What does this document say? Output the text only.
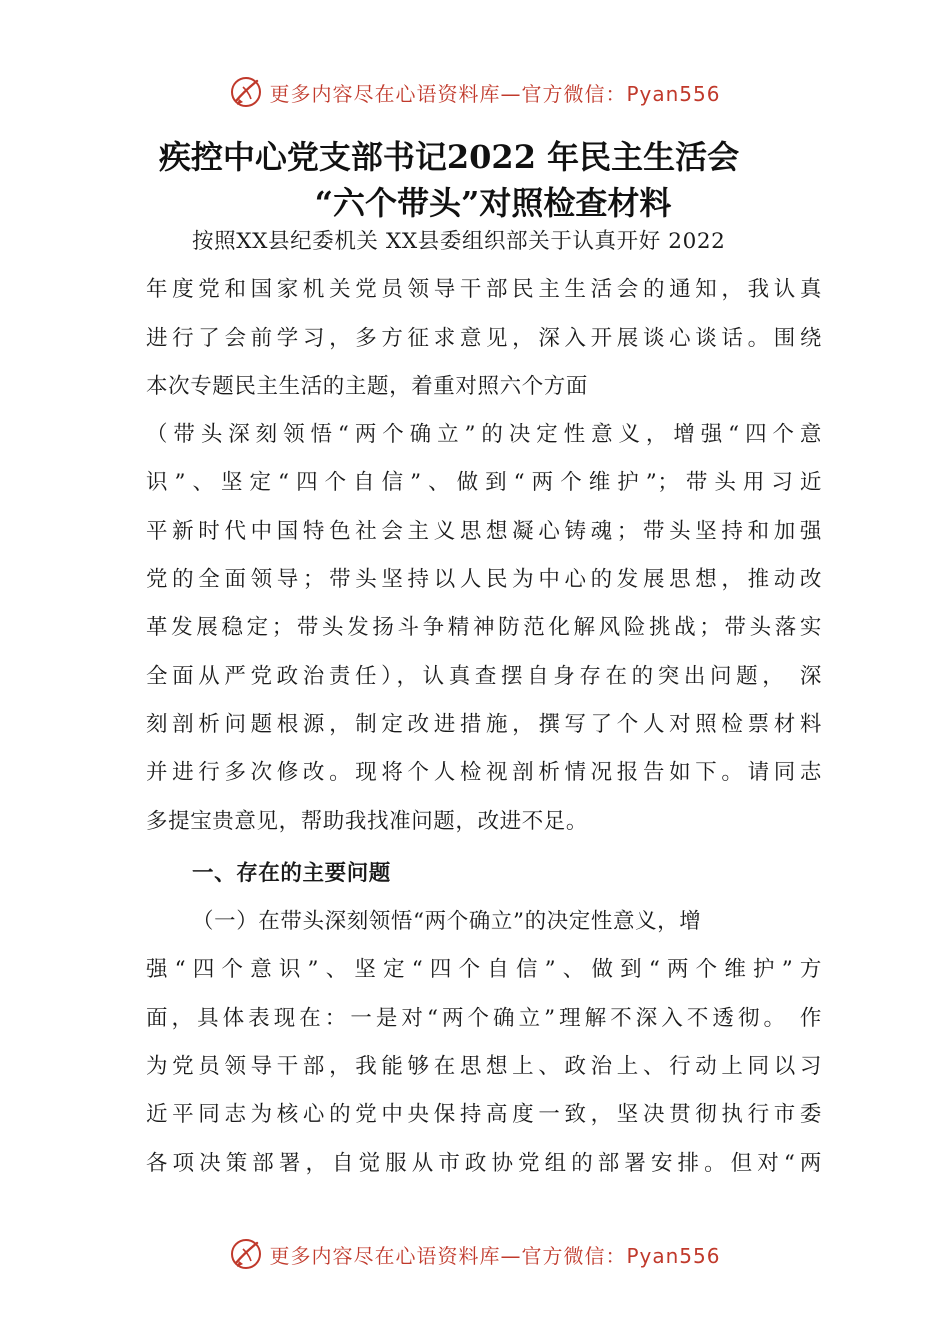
更多内容尽在心语资料库—官方微信：Pyan556
疾控中心党支部书记2022 年民主生活会
“六个带头”对照检查材料
按照XX县纪委机关 XX县委组织部关于认真开好 2022
年度党和国家机关党员领导干部民主生活会的通知，我认真
进行了会前学习，多方征求意见，深入开展谈心谈话。围绕
本次专题民主生活的主题，着重对照六个方面
（带头深刻领悟“两个确立”的决定性意义，增强“四个意
识”、坚定“四个自信”、做到“两个维护”；带头用习近
平新时代中国特色社会主义思想凝心铸魂；带头坚持和加强
党的全面领导；带头坚持以人民为中心的发展思想，推动改
革发展稳定；带头发扬斗争精神防范化解风险挑战；带头落实
全面从严党政治责任），认真查摆自身存在的突出问题， 深
刻剖析问题根源，制定改进措施，撰写了个人对照检票材料
并进行多次修改。现将个人检视剖析情况报告如下。请同志
多提宝贵意见，帮助我找准问题，改进不足。
一、存在的主要问题
（一）在带头深刻领悟“两个确立”的决定性意义，增
强“四个意识”、坚定“四个自信”、做到“两个维护”方
面，具体表现在：一是对“两个确立”理解不深入不透彻。 作
为党员领导干部，我能够在思想上、政治上、行动上同以习
近平同志为核心的党中央保持高度一致，坚决贯彻执行市委
各项决策部署，自觉服从市政协党组的部署安排。但对“两
更多内容尽在心语资料库—官方微信：Pyan556
